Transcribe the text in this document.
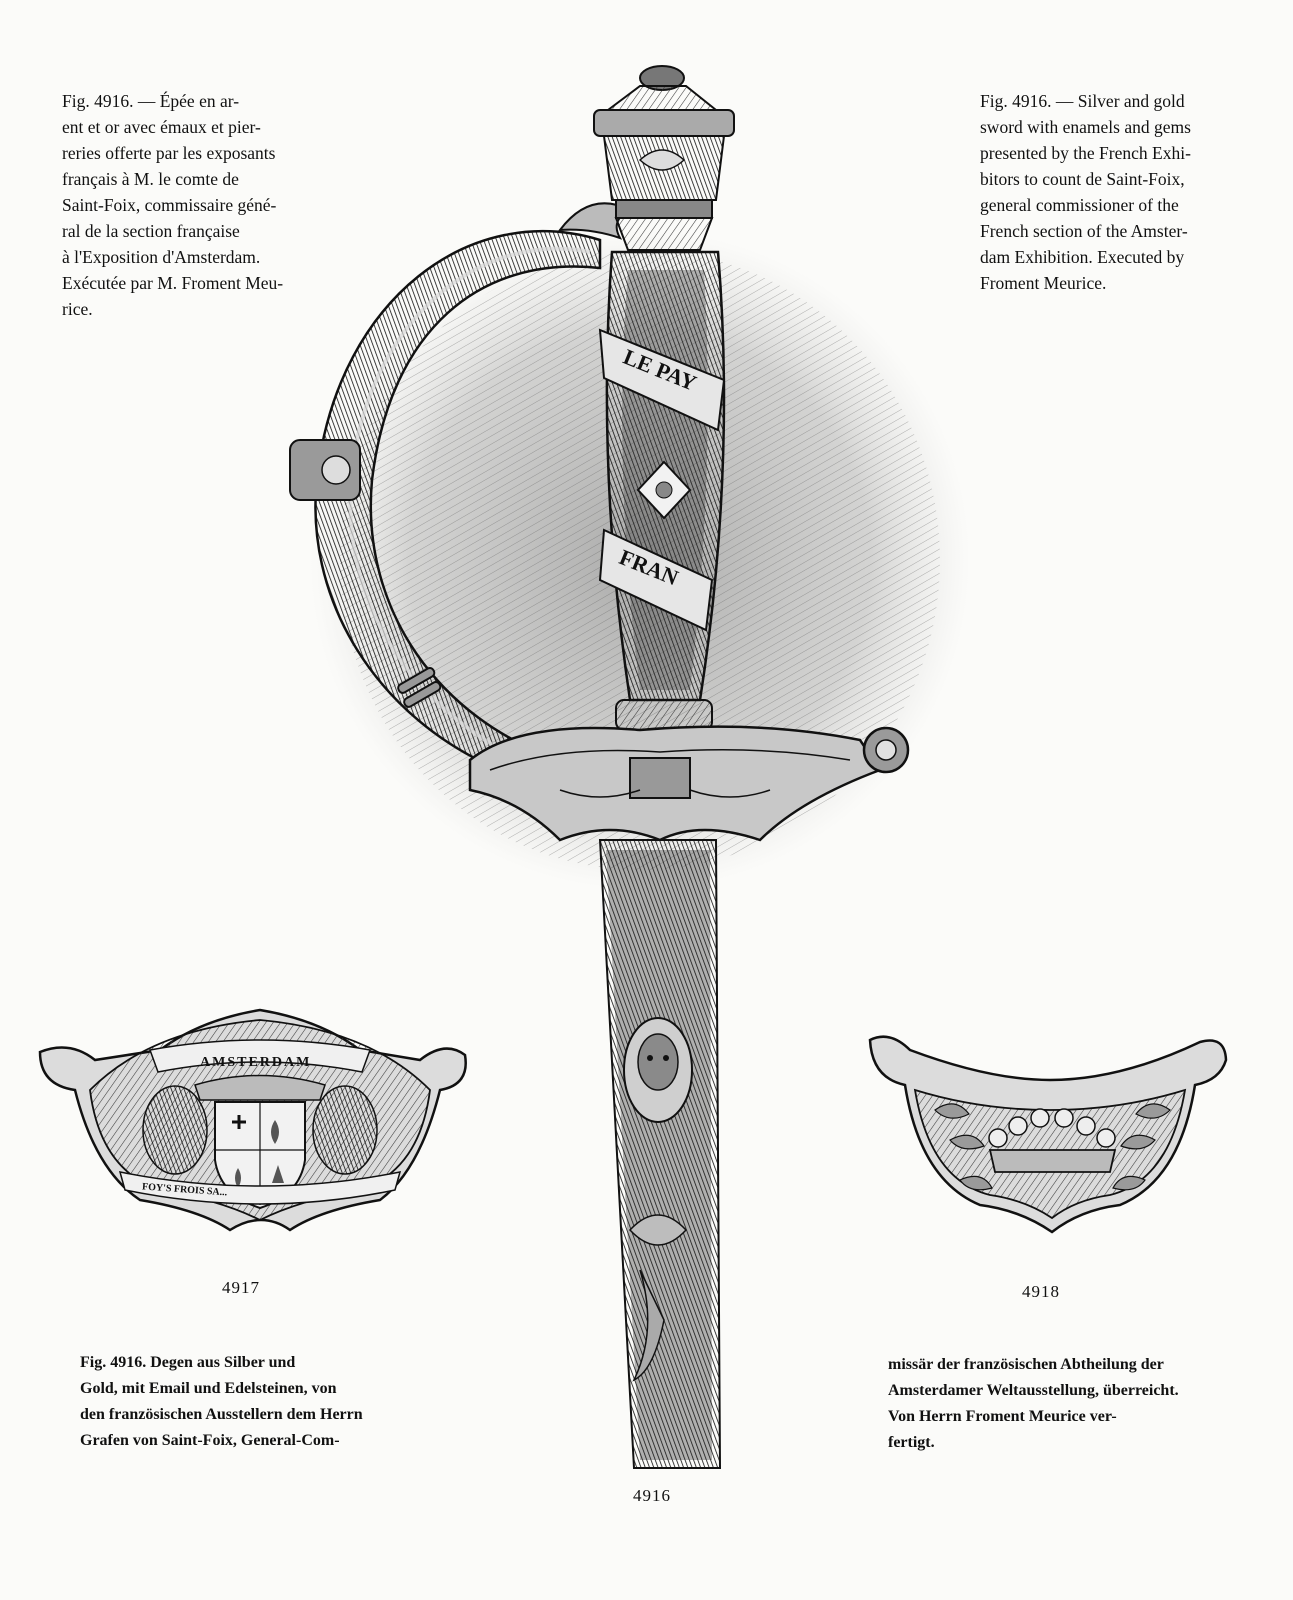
Fig. 4916. — Épée en ar-
ent et or avec émaux et pier-
reries offerte par les exposants
français à M. le comte de
Saint-Foix, commissaire géné-
ral de la section française
à l'Exposition d'Amsterdam.
Exécutée par M. Froment Meu-
rice.
Fig. 4916. — Silver and gold
sword with enamels and gems
presented by the French Exhi-
bitors to count de Saint-Foix,
general commissioner of the
French section of the Amster-
dam Exhibition. Executed by
Froment Meurice.
LE PAY
FRAN
AMSTERDAM
FOY'S FROIS SA...
4917	4918
4916
Fig. 4916. Degen aus Silber und
Gold, mit Email und Edelsteinen, von
den französischen Ausstellern dem Herrn
Grafen von Saint-Foix, General-Com-
missär der französischen Abtheilung der
Amsterdamer Weltausstellung, überreicht.
Von Herrn Froment Meurice ver-
fertigt.
